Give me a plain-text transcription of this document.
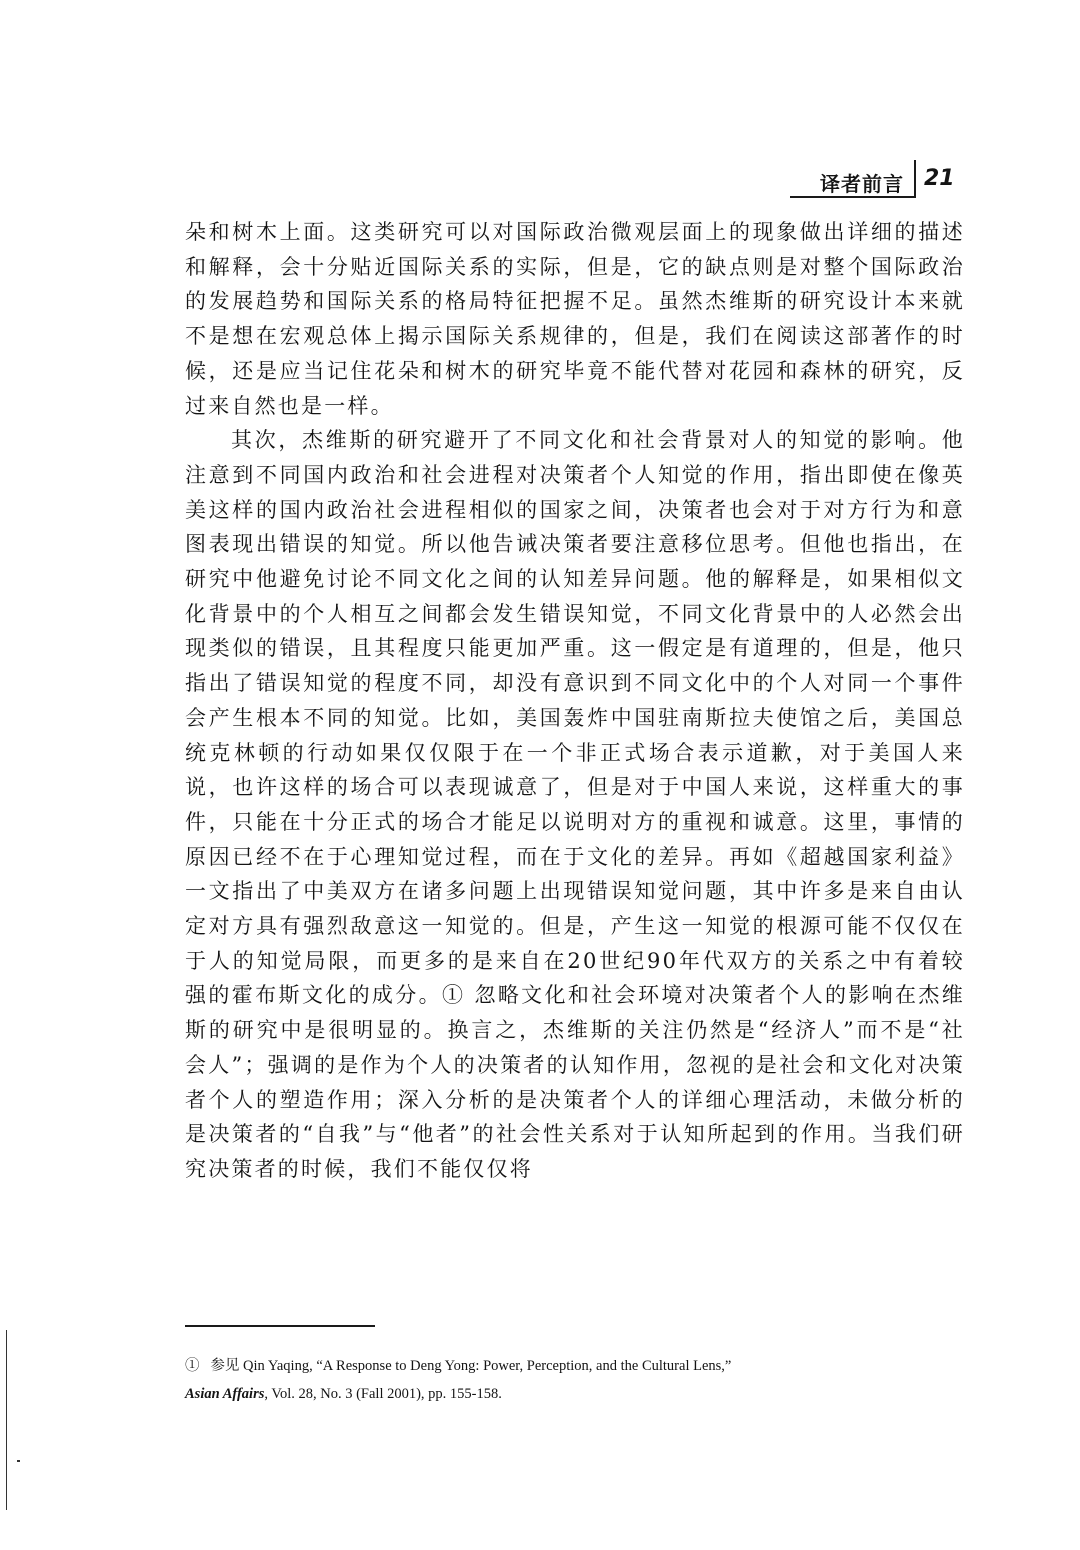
译者前言 21

朵和树木上面。这类研究可以对国际政治微观层面上的现象做出详细的描述和解释，会十分贴近国际关系的实际，但是，它的缺点则是对整个国际政治的发展趋势和国际关系的格局特征把握不足。虽然杰维斯的研究设计本来就不是想在宏观总体上揭示国际关系规律的，但是，我们在阅读这部著作的时候，还是应当记住花朵和树木的研究毕竟不能代替对花园和森林的研究，反过来自然也是一样。

其次，杰维斯的研究避开了不同文化和社会背景对人的知觉的影响。他注意到不同国内政治和社会进程对决策者个人知觉的作用，指出即使在像英美这样的国内政治社会进程相似的国家之间，决策者也会对于对方行为和意图表现出错误的知觉。所以他告诫决策者要注意移位思考。但他也指出，在研究中他避免讨论不同文化之间的认知差异问题。他的解释是，如果相似文化背景中的个人相互之间都会发生错误知觉，不同文化背景中的人必然会出现类似的错误，且其程度只能更加严重。这一假定是有道理的，但是，他只指出了错误知觉的程度不同，却没有意识到不同文化中的个人对同一个事件会产生根本不同的知觉。比如，美国轰炸中国驻南斯拉夫使馆之后，美国总统克林顿的行动如果仅仅限于在一个非正式场合表示道歉，对于美国人来说，也许这样的场合可以表现诚意了，但是对于中国人来说，这样重大的事件，只能在十分正式的场合才能足以说明对方的重视和诚意。这里，事情的原因已经不在于心理知觉过程，而在于文化的差异。再如《超越国家利益》一文指出了中美双方在诸多问题上出现错误知觉问题，其中许多是来自由认定对方具有强烈敌意这一知觉的。但是，产生这一知觉的根源可能不仅仅在于人的知觉局限，而更多的是来自在20世纪90年代双方的关系之中有着较强的霍布斯文化的成分。① 忽略文化和社会环境对决策者个人的影响在杰维斯的研究中是很明显的。换言之，杰维斯的关注仍然是“经济人”而不是“社会人”；强调的是作为个人的决策者的认知作用，忽视的是社会和文化对决策者个人的塑造作用；深入分析的是决策者个人的详细心理活动，未做分析的是决策者的“自我”与“他者”的社会性关系对于认知所起到的作用。当我们研究决策者的时候，我们不能仅仅将

① 参见 Qin Yaqing, “A Response to Deng Yong: Power, Perception, and the Cultural Lens,”
Asian Affairs, Vol. 28, No. 3 (Fall 2001), pp. 155-158.
